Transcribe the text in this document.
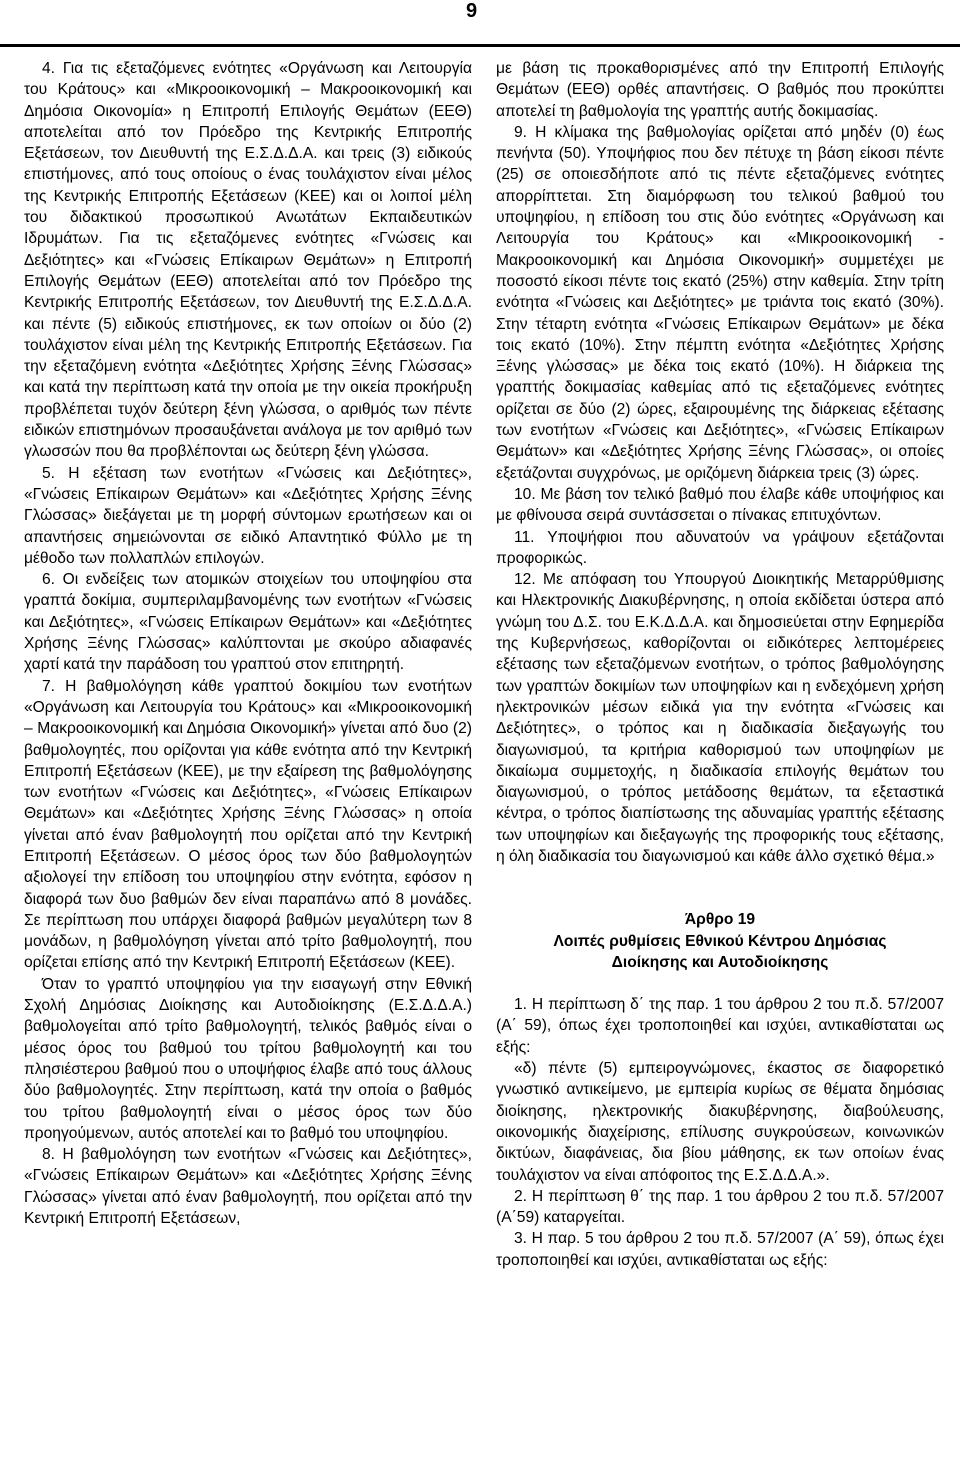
9

4. Για τις εξεταζόμενες ενότητες «Οργάνωση και Λειτουργία του Κράτους» και «Μικροοικονομική – Μακροοικονομική και Δημόσια Οικονομία» η Επιτροπή Επιλογής Θεμάτων (ΕΕΘ) αποτελείται από τον Πρόεδρο της Κεντρικής Επιτροπής Εξετάσεων, τον Διευθυντή της Ε.Σ.Δ.Δ.Α. και τρεις (3) ειδικούς επιστήμονες, από τους οποίους ο ένας τουλάχιστον είναι μέλος της Κεντρικής Επιτροπής Εξετάσεων (ΚΕΕ) και οι λοιποί μέλη του διδακτικού προσωπικού Ανωτάτων Εκπαιδευτικών Ιδρυμάτων. Για τις εξεταζόμενες ενότητες «Γνώσεις και Δεξιότητες» και «Γνώσεις Επίκαιρων Θεμάτων» η Επιτροπή Επιλογής Θεμάτων (ΕΕΘ) αποτελείται από τον Πρόεδρο της Κεντρικής Επιτροπής Εξετάσεων, τον Διευθυντή της Ε.Σ.Δ.Δ.Α. και πέντε (5) ειδικούς επιστήμονες, εκ των οποίων οι δύο (2) τουλάχιστον είναι μέλη της Κεντρικής Επιτροπής Εξετάσεων. Για την εξεταζόμενη ενότητα «Δεξιότητες Χρήσης Ξένης Γλώσσας» και κατά την περίπτωση κατά την οποία με την οικεία προκήρυξη προβλέπεται τυχόν δεύτερη ξένη γλώσσα, ο αριθμός των πέντε ειδικών επιστημόνων προσαυξάνεται ανάλογα με τον αριθμό των γλωσσών που θα προβλέπονται ως δεύτερη ξένη γλώσσα.

5. Η εξέταση των ενοτήτων «Γνώσεις και Δεξιότητες», «Γνώσεις Επίκαιρων Θεμάτων» και «Δεξιότητες Χρήσης Ξένης Γλώσσας» διεξάγεται με τη μορφή σύντομων ερωτήσεων και οι απαντήσεις σημειώνονται σε ειδικό Απαντητικό Φύλλο με τη μέθοδο των πολλαπλών επιλογών.

6. Οι ενδείξεις των ατομικών στοιχείων του υποψηφίου στα γραπτά δοκίμια, συμπεριλαμβανομένης των ενοτήτων «Γνώσεις και Δεξιότητες», «Γνώσεις Επίκαιρων Θεμάτων» και «Δεξιότητες Χρήσης Ξένης Γλώσσας» καλύπτονται με σκούρο αδιαφανές χαρτί κατά την παράδοση του γραπτού στον επιτηρητή.

7. Η βαθμολόγηση κάθε γραπτού δοκιμίου των ενοτήτων «Οργάνωση και Λειτουργία του Κράτους» και «Μικροοικονομική – Μακροοικονομική και Δημόσια Οικονομική» γίνεται από δυο (2) βαθμολογητές, που ορίζονται για κάθε ενότητα από την Κεντρική Επιτροπή Εξετάσεων (ΚΕΕ), με την εξαίρεση της βαθμολόγησης των ενοτήτων «Γνώσεις και Δεξιότητες», «Γνώσεις Επίκαιρων Θεμάτων» και «Δεξιότητες Χρήσης Ξένης Γλώσσας» η οποία γίνεται από έναν βαθμολογητή που ορίζεται από την Κεντρική Επιτροπή Εξετάσεων. Ο μέσος όρος των δύο βαθμολογητών αξιολογεί την επίδοση του υποψηφίου στην ενότητα, εφόσον η διαφορά των δυο βαθμών δεν είναι παραπάνω από 8 μονάδες. Σε περίπτωση που υπάρχει διαφορά βαθμών μεγαλύτερη των 8 μονάδων, η βαθμολόγηση γίνεται από τρίτο βαθμολογητή, που ορίζεται επίσης από την Κεντρική Επιτροπή Εξετάσεων (ΚΕΕ).

Όταν το γραπτό υποψηφίου για την εισαγωγή στην Εθνική Σχολή Δημόσιας Διοίκησης και Αυτοδιοίκησης (Ε.Σ.Δ.Δ.Α.) βαθμολογείται από τρίτο βαθμολογητή, τελικός βαθμός είναι ο μέσος όρος του βαθμού του τρίτου βαθμολογητή και του πλησιέστερου βαθμού που ο υποψήφιος έλαβε από τους άλλους δύο βαθμολογητές. Στην περίπτωση, κατά την οποία ο βαθμός του τρίτου βαθμολογητή είναι ο μέσος όρος των δύο προηγούμενων, αυτός αποτελεί και το βαθμό του υποψηφίου.

8. Η βαθμολόγηση των ενοτήτων «Γνώσεις και Δεξιότητες», «Γνώσεις Επίκαιρων Θεμάτων» και «Δεξιότητες Χρήσης Ξένης Γλώσσας» γίνεται από έναν βαθμολογητή, που ορίζεται από την Κεντρική Επιτροπή Εξετάσεων,

με βάση τις προκαθορισμένες από την Επιτροπή Επιλογής Θεμάτων (ΕΕΘ) ορθές απαντήσεις. Ο βαθμός που προκύπτει αποτελεί τη βαθμολογία της γραπτής αυτής δοκιμασίας.

9. Η κλίμακα της βαθμολογίας ορίζεται από μηδέν (0) έως πενήντα (50). Υποψήφιος που δεν πέτυχε τη βάση είκοσι πέντε (25) σε οποιεσδήποτε από τις πέντε εξεταζόμενες ενότητες απορρίπτεται. Στη διαμόρφωση του τελικού βαθμού του υποψηφίου, η επίδοση του στις δύο ενότητες «Οργάνωση και Λειτουργία του Κράτους» και «Μικροοικονομική - Μακροοικονομική και Δημόσια Οικονομική» συμμετέχει με ποσοστό είκοσι πέντε τοις εκατό (25%) στην καθεμία. Στην τρίτη ενότητα «Γνώσεις και Δεξιότητες» με τριάντα τοις εκατό (30%). Στην τέταρτη ενότητα «Γνώσεις Επίκαιρων Θεμάτων» με δέκα τοις εκατό (10%). Στην πέμπτη ενότητα «Δεξιότητες Χρήσης Ξένης γλώσσας» με δέκα τοις εκατό (10%). Η διάρκεια της γραπτής δοκιμασίας καθεμίας από τις εξεταζόμενες ενότητες ορίζεται σε δύο (2) ώρες, εξαιρουμένης της διάρκειας εξέτασης των ενοτήτων «Γνώσεις και Δεξιότητες», «Γνώσεις Επίκαιρων Θεμάτων» και «Δεξιότητες Χρήσης Ξένης Γλώσσας», οι οποίες εξετάζονται συγχρόνως, με οριζόμενη διάρκεια τρεις (3) ώρες.

10. Με βάση τον τελικό βαθμό που έλαβε κάθε υποψήφιος και με φθίνουσα σειρά συντάσσεται ο πίνακας επιτυχόντων.

11. Υποψήφιοι που αδυνατούν να γράψουν εξετάζονται προφορικώς.

12. Με απόφαση του Υπουργού Διοικητικής Μεταρρύθμισης και Ηλεκτρονικής Διακυβέρνησης, η οποία εκδίδεται ύστερα από γνώμη του Δ.Σ. του Ε.Κ.Δ.Δ.Α. και δημοσιεύεται στην Εφημερίδα της Κυβερνήσεως, καθορίζονται οι ειδικότερες λεπτομέρειες εξέτασης των εξεταζόμενων ενοτήτων, ο τρόπος βαθμολόγησης των γραπτών δοκιμίων των υποψηφίων και η ενδεχόμενη χρήση ηλεκτρονικών μέσων ειδικά για την ενότητα «Γνώσεις και Δεξιότητες», ο τρόπος και η διαδικασία διεξαγωγής του διαγωνισμού, τα κριτήρια καθορισμού των υποψηφίων με δικαίωμα συμμετοχής, η διαδικασία επιλογής θεμάτων του διαγωνισμού, ο τρόπος μετάδοσης θεμάτων, τα εξεταστικά κέντρα, ο τρόπος διαπίστωσης της αδυναμίας γραπτής εξέτασης των υποψηφίων και διεξαγωγής της προφορικής τους εξέτασης, η όλη διαδικασία του διαγωνισμού και κάθε άλλο σχετικό θέμα.»

Άρθρο 19
Λοιπές ρυθμίσεις Εθνικού Κέντρου Δημόσιας
Διοίκησης και Αυτοδιοίκησης

1. Η περίπτωση δ΄ της παρ. 1 του άρθρου 2 του π.δ. 57/2007 (Α΄ 59), όπως έχει τροποποιηθεί και ισχύει, αντικαθίσταται ως εξής:

«δ) πέντε (5) εμπειρογνώμονες, έκαστος σε διαφορετικό γνωστικό αντικείμενο, με εμπειρία κυρίως σε θέματα δημόσιας διοίκησης, ηλεκτρονικής διακυβέρνησης, διαβούλευσης, οικονομικής διαχείρισης, επίλυσης συγκρούσεων, κοινωνικών δικτύων, διαφάνειας, δια βίου μάθησης, εκ των οποίων ένας τουλάχιστον να είναι απόφοιτος της Ε.Σ.Δ.Δ.Α.».

2. Η περίπτωση θ΄ της παρ. 1 του άρθρου 2 του π.δ. 57/2007 (Α΄59) καταργείται.

3. Η παρ. 5 του άρθρου 2 του π.δ. 57/2007 (Α΄ 59), όπως έχει τροποποιηθεί και ισχύει, αντικαθίσταται ως εξής:
